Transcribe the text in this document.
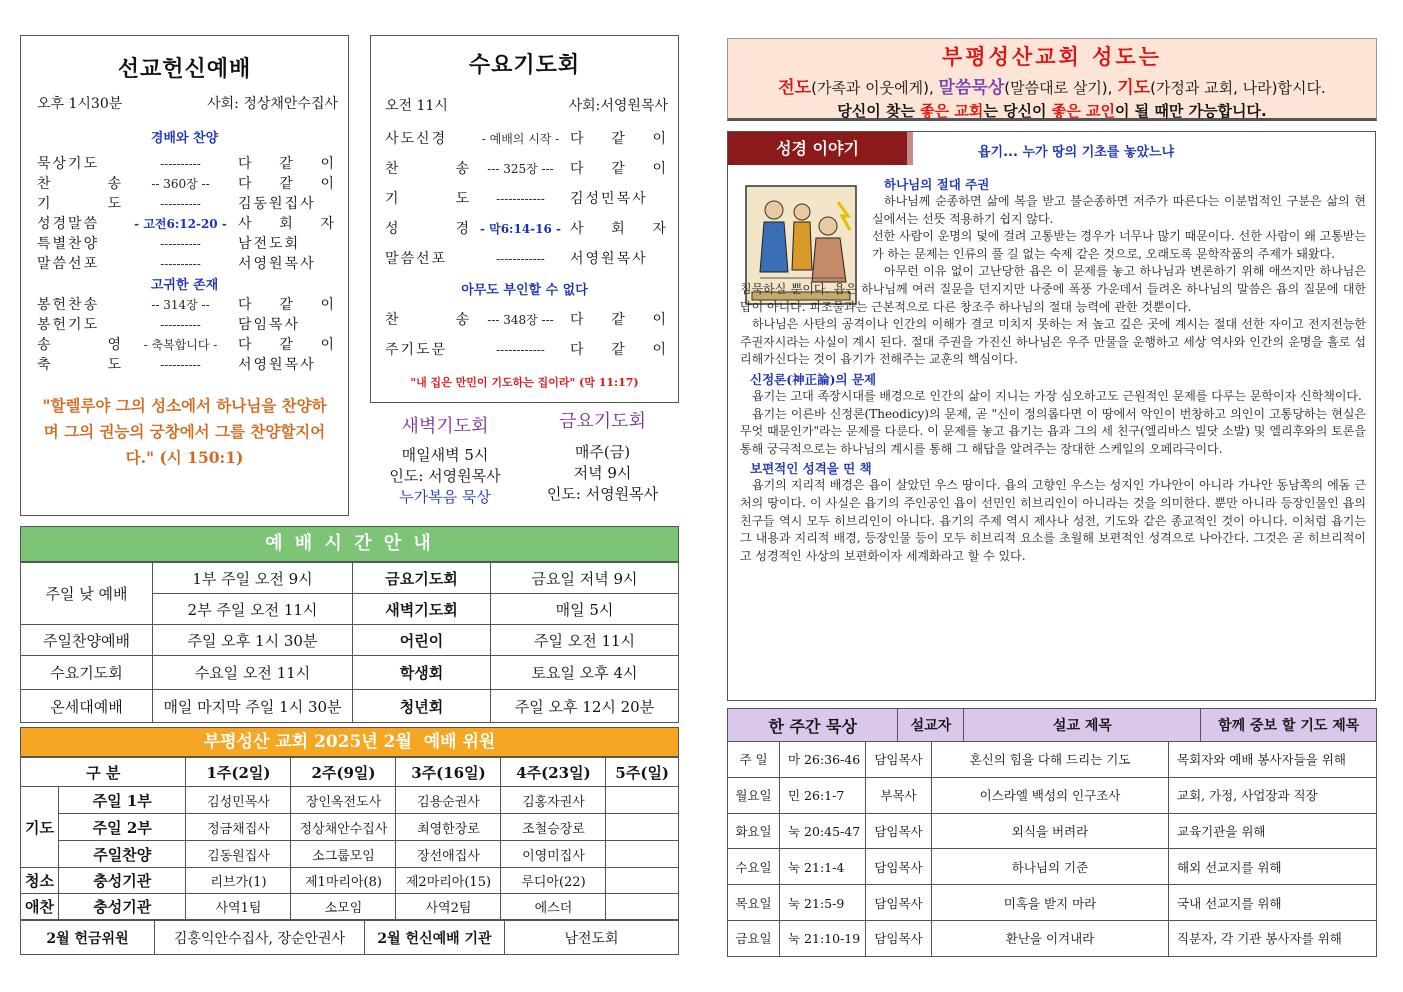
선교헌신예배
오후 1시30분	사회: 정상채안수집사
경배와 찬양
묵상기도	----------	다 같 이
찬 송	-- 360장 --	다 같 이
기 도	----------	김동원집사
성경말씀	- 고전6:12-20 - 사 회 자
특별찬양	----------	남전도회
말씀선포	----------	서영원목사
고귀한 존재
봉헌찬송	-- 314장 --	다 같 이
봉헌기도	----------	담임목사
송 영	- 축복합니다 -	다 같 이
축 도	----------	서영원목사
"할렐루야 그의 성소에서 하나님을 찬양하며 그의 권능의 궁창에서 그를 찬양할지어다." (시 150:1)
수요기도회
오전 11시	사회:서영원목사
사도신경	- 예배의 시작 - 다 같 이
찬 송	--- 325장 ---	다 같 이
기 도	------------	김성민목사
성 경 - 막6:14-16 - 사 회 자
말씀선포	------------	서영원목사
아무도 부인할 수 없다
찬 송	--- 348장 ---	다 같 이
주기도문	------------	다 같 이
"내 집은 만민이 기도하는 집이라" (막 11:17)
새벽기도회
매일새벽 5시
인도: 서영원목사
누가복음 묵상
금요기도회
매주(금)
저녁 9시
인도: 서영원목사
예 배 시 간 안 내
주일 낮 예배	1부 주일 오전 9시	금요기도회	금요일 저녁 9시
	2부 주일 오전 11시	새벽기도회	매일 5시
주일찬양예배	주일 오후 1시 30분	어린이	주일 오전 11시
수요기도회	수요일 오전 11시	학생회	토요일 오후 4시
온세대예배	매일 마지막 주일 1시 30분	청년회	주일 오후 12시 20분
부평성산 교회 2025년 2월  예배 위원
구 분		1주(2일)	2주(9일)	3주(16일)	4주(23일)	5주(일)
기도	주일 1부	김성민목사	장인옥전도사	김용순권사	김홍자권사	
	주일 2부	정금채집사	정상채안수집사	최영한장로	조철승장로	
	주일찬양	김동원집사	소그룹모임	장선애집사	이영미집사	
청소	충성기관	리브가(1)	제1마리아(8)	제2마리아(15)	루디아(22)	
애찬	충성기관	사역1팀	소모임	사역2팀	에스더	
2월 헌금위원	김홍익안수집사, 장순안권사	2월 헌신예배 기관	남전도회
부평성산교회 성도는
전도(가족과 이웃에게), 말씀묵상(말씀대로 살기), 기도(가정과 교회, 나라)합시다.
당신이 찾는 좋은 교회는 당신이 좋은 교인이 될 때만 가능합니다.
성경 이야기	욥기... 누가 땅의 기초를 놓았느냐
하나님의 절대 주권

하나님께 순종하면 삶에 복을 받고 불순종하면 저주가 따른다는 이분법적인 구분은 삶의 현실에서는 선뜻 적용하기 쉽지 않다.

선한 사람이 운명의 덫에 걸려 고통받는 경우가 너무나 많기 때문이다. 선한 사람이 왜 고통받는가 하는 문제는 인류의 풀 길 없는 숙제 같은 것으로, 오래도록 문학작품의 주제가 돼왔다.

아무런 이유 없이 고난당한 욥은 이 문제를 놓고 하나님과 변론하기 위해 애쓰지만 하나님은 침묵하실 뿐이다. 욥은 하나님께 여러 질문을 던지지만 나중에 폭풍 가운데서 들려온 하나님의 말씀은 욥의 질문에 대한 답이 아니다. 피조물과는 근본적으로 다른 창조주 하나님의 절대 능력에 관한 것뿐이다.

하나님은 사탄의 공격이나 인간의 이해가 결코 미치지 못하는 저 높고 깊은 곳에 계시는 절대 선한 자이고 전지전능한 주권자시라는 사실이 계시 된다. 절대 주권을 가진신 하나님은 우주 만물을 운행하고 세상 역사와 인간의 운명을 홀로 섭리해가신다는 것이 욥기가 전해주는 교훈의 핵심이다.

신정론(神正論)의 문제

욥기는 고대 족장시대를 배경으로 인간의 삶이 지니는 가장 심오하고도 근원적인 문제를 다루는 문학이자 신학책이다.

욥기는 이른바 신정론(Theodicy)의 문제, 곧 "신이 정의롭다면 이 땅에서 악인이 번창하고 의인이 고통당하는 현실은 무엇 때문인가"라는 문제를 다룬다. 이 문제를 놓고 욥기는 욥과 그의 세 친구(엘리바스 빌닷 소발) 및 엘리후와의 토론을 통해 궁극적으로는 하나님의 계시를 통해 그 해답을 알려주는 장대한 스케일의 오페라극이다.

보편적인 성격을 띤 책

욥기의 지리적 배경은 욥이 살았던 우스 땅이다. 욥의 고향인 우스는 성지인 가나안이 아니라 가나안 동남쪽의 에돔 근처의 땅이다. 이 사실은 욥기의 주인공인 욥이 선민인 히브리인이 아니라는 것을 의미한다. 뿐만 아니라 등장인물인 욥의 친구들 역시 모두 히브리인이 아니다. 욥기의 주제 역시 제사나 성전, 기도와 같은 종교적인 것이 아니다. 이처럼 욥기는 그 내용과 지리적 배경, 등장인물 등이 모두 히브리적 요소를 초월해 보편적인 성격으로 나아간다. 그것은 곧 히브리적이고 성경적인 사상의 보편화이자 세계화라고 할 수 있다.

한 주간 묵상	설교자	설교 제목	함께 중보 할 기도 제목
주 일	마 26:36-46	담임목사	혼신의 힘을 다해 드리는 기도	목회자와 예배 봉사자들을 위해
월요일	민 26:1-7	부목사	이스라엘 백성의 인구조사	교회, 가정, 사업장과 직장
화요일	눅 20:45-47	담임목사	외식을 버려라	교육기관을 위해
수요일	눅 21:1-4	담임목사	하나님의 기준	해외 선교지를 위해
목요일	눅 21:5-9	담임목사	미혹을 받지 마라	국내 선교지를 위해
금요일	눅 21:10-19	담임목사	환난을 이겨내라	직분자, 각 기관 봉사자를 위해
